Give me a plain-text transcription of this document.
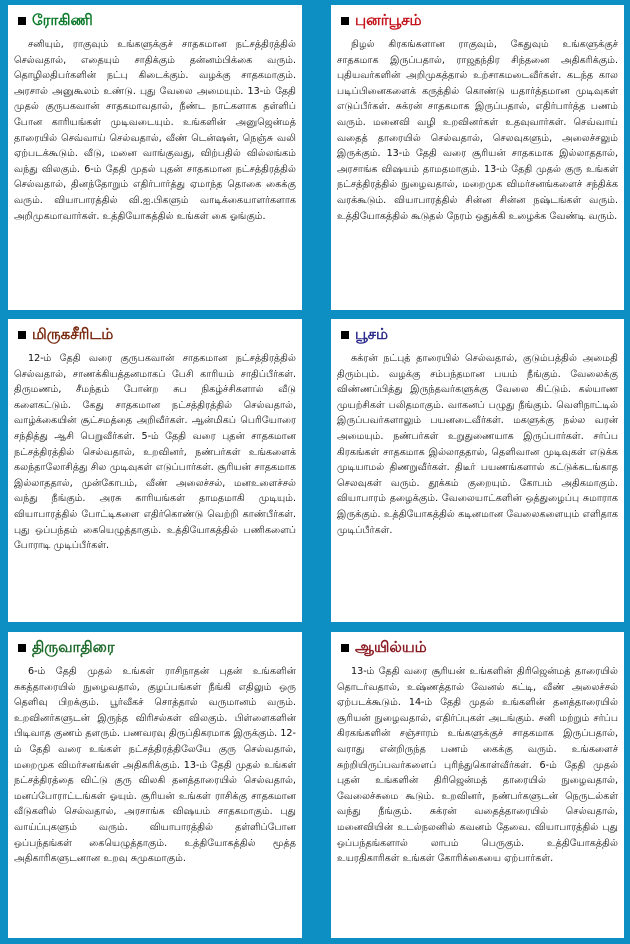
ரோகிணி
சனியும், ராகுவும் உங்களுக்குச் சாதகமான நட்சத்திரத்தில் செல்வதால், எதையும் சாதிக்கும் தன்னம்பிக்கை வரும். தொழிலதிபர்களின் நட்பு கிடைக்கும். வழக்கு சாதகமாகும். அரசால் அனுகூலம் உண்டு. புது வேலை அமையும். 13-ம் தேதி முதல் குருபகவான் சாதகமாவதால், நீண்ட நாட்களாக தள்ளிப் போன காரியங்கள் முடிவடையும். உங்களின் அனுஜென்மத் தாரையில் செவ்வாய் செல்வதால், வீண் டென்ஷன், நெஞ்சு வலி ஏற்படக்கூடும். வீடு, மனை வாங்குவது, விற்பதில் வில்லங்கம் வந்து விலகும். 6-ம் தேதி முதல் புதன் சாதகமான நட்சத்திரத்தில் செல்வதால், தினந்தோறும் எதிர்பார்த்து ஏமாந்த தொகை கைக்கு வரும். வியாபாரத்தில் வி.ஐ.பிகளும் வாடிக்கையாளர்களாக அறிமுகமாவார்கள். உத்தியோகத்தில் உங்கள் கை ஓங்கும்.
புனர்பூசம்
நிழல் கிரகங்களான ராகுவும், கேதுவும் உங்களுக்குச் சாதகமாக இருப்பதால், ராஜதந்திர சிந்தனை அதிகரிக்கும். புதியவர்களின் அறிமுகத்தால் உற்சாகமடைவீர்கள். கடந்த கால படிப்பினைகளைக் கருத்தில் கொண்டு யதார்த்தமான முடிவுகள் எடுப்பீர்கள். சுக்ரன் சாதகமாக இருப்பதால், எதிர்பார்த்த பணம் வரும். மனைவி வழி உறவினர்கள் உதவுவார்கள். செவ்வாய் வதைத் தாரையில் செல்வதால், செலவுகளும், அலைச்சலும் இருக்கும். 13-ம் தேதி வரை சூரியன் சாதகமாக இல்லாததால், அரசாங்க விஷயம் தாமதமாகும். 13-ம் தேதி முதல் குரு உங்கள் நட்சத்திரத்தில் நுழைவதால், மறைமுக விமர்சனங்களைச் சந்திக்க வரக்கூடும். வியாபாரத்தில் சின்ன சின்ன நஷ்டங்கள் வரும். உத்தியோகத்தில் கூடுதல் நேரம் ஒதுக்கி உழைக்க வேண்டி வரும்.
மிருகசீரிடம்
12-ம் தேதி வரை குருபகவான் சாதகமான நட்சத்திரத்தில் செல்வதால், சாணக்கியத்தனமாகப் பேசி காரியம் சாதிப்பீர்கள். திருமணம், சீமந்தம் போன்ற சுப நிகழ்ச்சிகளால் வீடு களைகட்டும். கேது சாதகமான நட்சத்திரத்தில் செல்வதால், வாழ்க்கையின் சூட்சமத்தை அறிவீர்கள். ஆன்மிகப் பெரியோரை சந்தித்து ஆசி பெறுவீர்கள். 5-ம் தேதி வரை புதன் சாதகமான நட்சத்திரத்தில் செல்வதால், உறவினர், நண்பர்கள் உங்களைக் கலந்தாலோசித்து சில முடிவுகள் எடுப்பார்கள். சூரியன் சாதகமாக இல்லாததால், முன்கோபம், வீண் அலைச்சல், மனஉளைச்சல் வந்து நீங்கும். அரசு காரியங்கள் தாமதமாகி முடியும். வியாபாரத்தில் போட்டிகளை எதிர்கொண்டு வெற்றி காண்பீர்கள். புது ஒப்பந்தம் கையெழுத்தாகும். உத்தியோகத்தில் பணிகளைப் போராடி முடிப்பீர்கள்.
பூசம்
சுக்ரன் நட்புத் தாரையில் செல்வதால், குடும்பத்தில் அமைதி திரும்பும். வழக்கு சம்பந்தமான பயம் நீங்கும். வேலைக்கு விண்ணப்பித்து இருந்தவர்களுக்கு வேலை கிட்டும். கல்யாண முயற்சிகள் பலிதமாகும். வாகனப் பழுது நீங்கும். வெளிநாட்டில் இருப்பவர்களாலும் பயனடைவீர்கள். மகளுக்கு நல்ல வரன் அமையும். நண்பர்கள் உறுதுணையாக இருப்பார்கள். சர்ப்ப கிரகங்கள் சாதகமாக இல்லாததால், தெளிவான முடிவுகள் எடுக்க முடியாமல் திணறுவீர்கள். திடீர் பயணங்களால் கட்டுக்கடங்காத செலவுகள் வரும். தூக்கம் குறையும். கோபம் அதிகமாகும். வியாபாரம் தழைக்கும். வேலையாட்களின் ஒத்துழைப்பு சுமாராக இருக்கும். உத்தியோகத்தில் கடினமான வேலைகளையும் எளிதாக முடிப்பீர்கள்.
திருவாதிரை
6-ம் தேதி முதல் உங்கள் ராசிநாதன் புதன் உங்களின் சுகத்தாரையில் நுழைவதால், குழப்பங்கள் நீங்கி எதிலும் ஒரு தெளிவு பிறக்கும். பூர்வீகச் சொத்தால் வருமானம் வரும். உறவினர்களுடன் இருந்த விரிசல்கள் விலகும். பிள்ளைகளின் பிடிவாத குணம் தளரும். பணவரவு திருப்திகரமாக இருக்கும். 12-ம் தேதி வரை உங்கள் நட்சத்திரத்திலேயே குரு செல்வதால், மறைமுக விமர்சனங்கள் அதிகரிக்கும். 13-ம் தேதி முதல் உங்கள் நட்சத்திரத்தை விட்டு குரு விலகி தனத்தாரையில் செல்வதால், மனப்போராட்டங்கள் ஓயும். சூரியன் உங்கள் ராசிக்கு சாதகமான வீடுகளில் செல்வதால், அரசாங்க விஷயம் சாதகமாகும். புது வாய்ப்புகளும் வரும். வியாபாரத்தில் தள்ளிப்போன ஒப்பந்தங்கள் கையெழுத்தாகும். உத்தியோகத்தில் மூத்த அதிகாரிகளுடனான உறவு சுமுகமாகும்.
ஆயில்யம்
13-ம் தேதி வரை சூரியன் உங்களின் திரிஜென்மத் தாரையில் தொடர்வதால், உஷ்ணத்தால் வேனல் கட்டி, வீண் அலைச்சல் ஏற்படக்கூடும். 14-ம் தேதி முதல் உங்களின் தனத்தாரையில் சூரியன் நுழைவதால், எதிர்ப்புகள் அடங்கும். சனி மற்றும் சர்ப்ப கிரகங்களின் சஞ்சாரம் உங்களுக்குச் சாதகமாக இருப்பதால், வராது என்றிருந்த பணம் கைக்கு வரும். உங்களைச் சுற்றியிருப்பவர்களைப் புரிந்துகொள்வீர்கள். 6-ம் தேதி முதல் புதன் உங்களின் திரிஜென்மத் தாரையில் நுழைவதால், வேலைச்சுமை கூடும். உறவினர், நண்பர்களுடன் நெருடல்கள் வந்து நீங்கும். சுக்ரன் வதைத்தாரையில் செல்வதால், மனைவியின் உடல்நலனில் கவனம் தேவை. வியாபாரத்தில் புது ஒப்பந்தங்களால் லாபம் பெருகும். உத்தியோகத்தில் உயரதிகாரிகள் உங்கள் கோரிக்கையை ஏற்பார்கள்.
